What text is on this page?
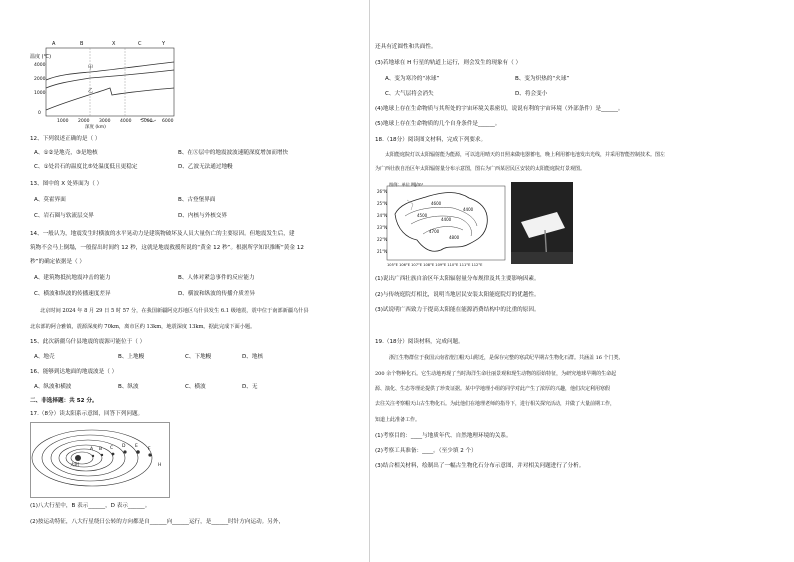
温度 (℃)
4000
2000
1000
0
1000 2000 3000 4000 5000 6000
深度 (km)
A	B	X	C	Y
甲
乙
12、下列叙述正确的是（ ）
A、①②是地壳，③是地核	B、在Ⓧ层中的地震波波速随深度增加而增快
C、①处岩石的温度比⑤处温度低且更稳定	D、乙波无法通过地幔
13、图中的 X 处界面为（ ）
A、莫霍界面	B、古登堡界面
C、岩石圈与软流层交界	D、内核与外核交界
14、一般认为，地震发生时横波的水平晃动力是建筑物破坏及人员大量伤亡的主要原因。但地震发生后，建
筑物不会马上倒塌，一般留出时间约 12 秒，这就是地震救援所说的“黄金 12 秒”。根据所学知识推断“黄金 12
秒”的确定依据是（ ）
A、建筑物抵抗地震冲击的能力	B、人体对紧急事件的反应能力
C、横波和纵波的传播速度差异	D、横波和纵波的传播介质差异
北京时间 2024 年 8 月 29 日 5 时 57 分，在我国新疆阿克苏地区乌什县发生 6.1 级地震，震中位于南部新疆乌什县
北东部的阿合雅镇，震源深度约 70km，离市区约 13km，地震深度 13km。据此完成下面小题。
15、此次新疆乌什县地震的震源可能位于（ ）
A、地壳	B、上地幔	C、下地幔	D、地核
16、能够到达地面的地震波是（ ）
A、纵波和横波	B、纵波	C、横波	D、无
二、非选择题：共 52 分。
17.（8分）读太阳系示意图，回答下列问题。
A B C D E
F
H
太阳
(1)八大行星中，B 表示______，D 表示______。
(2)按运动特征，八大行星绕日公转的方向都是自______向______运行，是______时针方向运动。另外，
还具有近圆性和共面性。
(3)若地球在 H 行星的轨道上运行，则会发生的现象有（ ）
A、变为寒冷的“冰球”	B、变为炽热的“火球”
C、大气层将会消失	D、将会变小
(4)地球上存在生命物质与其所处的宇宙环境关系密切，说说有利的宇宙环境（外部条件）是______。
(5)地球上存在生命物质的几个自身条件是______。
18.（18分）阅读图文材料，完成下列要求。
太阳能庭院灯以太阳辐射能为能源，可以选用晴天的日照来做电器蓄电，晚上利用蓄电池发出光线，并采用智能控制技术。图左
为广西壮族自治区年太阳辐射量分布示意图，图右为广西某居民区安装的太阳能庭院灯景观图。
图例：单位 MJ/m²
26°N
25°N
24°N
23°N
22°N
21°N
105°E 106°E 107°E 108°E 109°E 110°E 111°E 112°E
4600
4500
4400
4700
4800
4400
(1)说出广西壮族自治区年太阳辐射量分布规律及其主要影响因素。
(2)与传统庭院灯相比，说明当地居民安装太阳能庭院灯的优越性。
(3)试说明广西致力于提高太阳能在能源消费结构中的比重的原因。
19.（18分）阅读材料，完成问题。
浙江生物群位于我国云南省澄江帽天山附近，是保存完整的寒武纪早期古生物化石群。共涵盖 16 个门类、
200 余个物种化石。它生动地再现了当时海洋生命壮丽景观和现生动物的原始特征，为研究地球早期的生命起
源、演化、生态等理论提供了珍贵证据。某中学地理小组的同学对此产生了浓厚的兴趣，他们决定利用寒假
去往关注考察帽天山古生物化石。为此他们在地理老师的指导下，进行相关探究活动，并做了大量前期工作，
知道上此准备工作。
(1)考察目的：____与地质年代、自然地理环境的关系。
(2)考察工具准备：____。（至少填 2 个）
(3)结合相关材料，绘制出了一幅古生物化石分布示意图，并对相关问题进行了分析。
